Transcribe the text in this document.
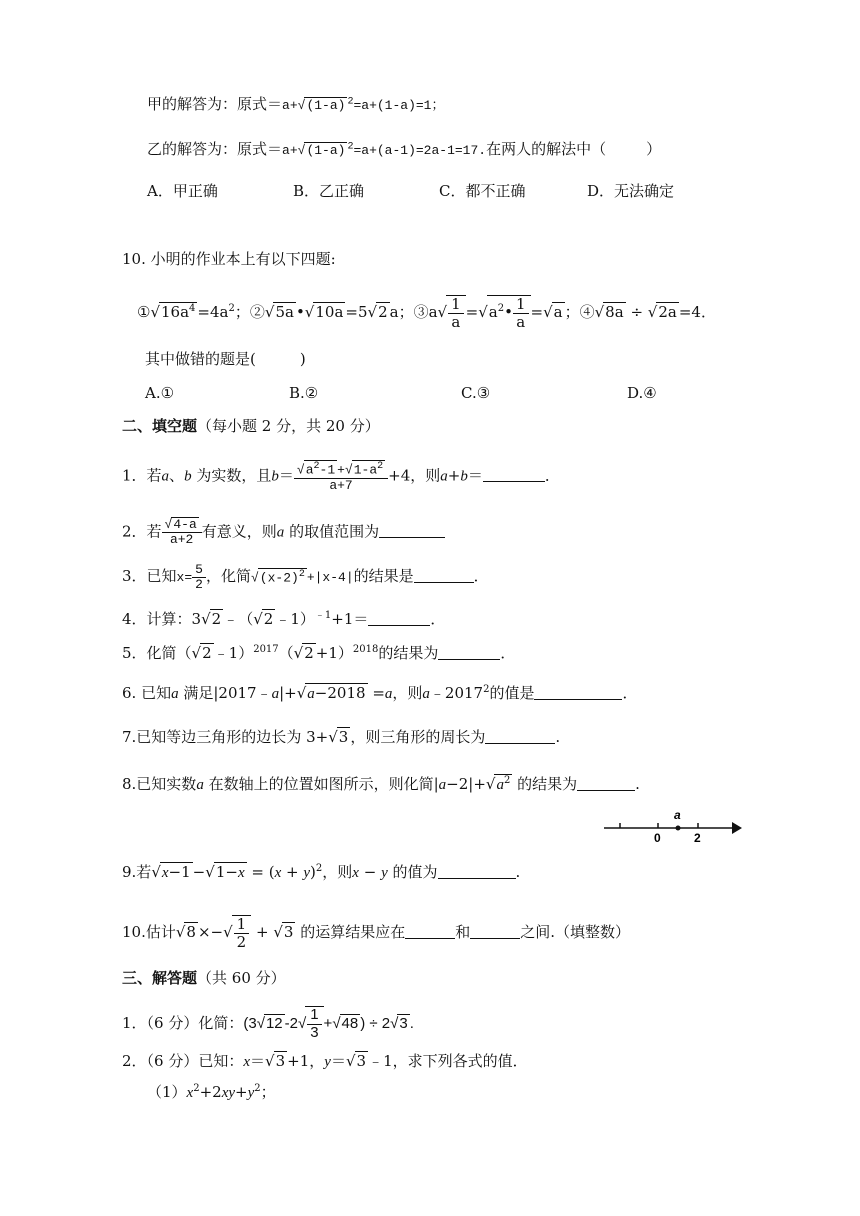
甲的解答为：原式＝a+√(1-a) $^2$=a+(1-a)=1；
乙的解答为：原式＝a+√(1-a) $^2$=a+(a-1)=2a-1=17.在两人的解法中（	）
A．甲正确	B．乙正确	C．都不正确	D．无法确定
10. 小明的作业本上有以下四题:
$①√16a^4 =4a^2$；②√5a •√10a =5√2 a；③a√ $\frac{1}{a}$ $=√a^2• \frac{1}{a} =√a$ ；④√8a ÷ √2a =4．
其中做错的题是(	)
A.①	B.②	C.③	D.④
二、填空题（每小题 2 分，共 20 分）
1．若a、b 为实数，且$b= \frac{√a^2-1 +√1-a^2}{a+7} +4$，则a+b＝	．
2．若 $\frac{√4-a}{a+2}$ 有意义，则a 的取值范围为
3．已知$x= \frac{5}{2}$ ，化简$√(x-2)^2 +|x-4|$的结果是	．
4．计算：3√2 ﹣（√2 ﹣1）$^{﹣1}$+1＝	．
5．化简（√2 ﹣1）$^{2017}$（√2 +1）$^{2018}$的结果为	．
6. 已知a 满足|2017﹣a|+√a−2018 =a，则a﹣2017$^2$的值是	．
7.已知等边三角形的边长为 3+√3 ，则三角形的周长为	.
8.已知实数a 在数轴上的位置如图所示，则化简$|a-2|+√a^2$ 的结果为	.
a
0	2
9.若$√x-1 -√1-x = (x + y)^2$，则x − y 的值为	.
10.估计√8 ×−√ $\frac{1}{2} + √3$ 的运算结果应在	和	之间.（填整数）
三、解答题（共 60 分）
1．（6 分）化简：(3√12 $-2√ \frac{1}{3} +√48$ ) ÷ 2√3 .
2．（6 分）已知：x＝√3 +1，y＝√3 ﹣1，求下列各式的值．
$(1)x^2+2xy+y^2$；
